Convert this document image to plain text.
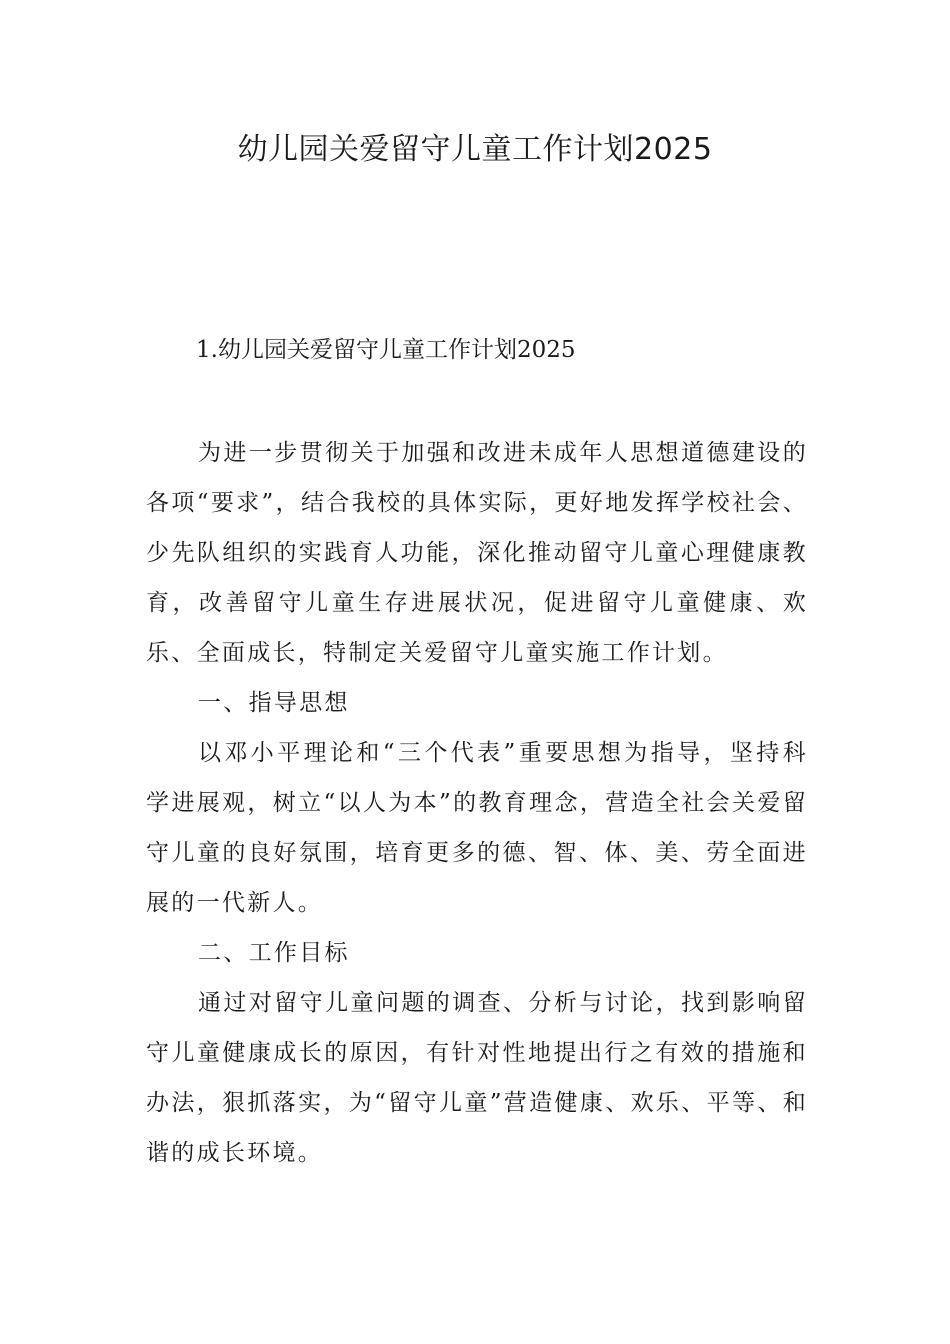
幼儿园关爱留守儿童工作计划2025
1.幼儿园关爱留守儿童工作计划2025

为进一步贯彻关于加强和改进未成年人思想道德建设的各项“要求”，结合我校的具体实际，更好地发挥学校社会、少先队组织的实践育人功能，深化推动留守儿童心理健康教育，改善留守儿童生存进展状况，促进留守儿童健康、欢乐、全面成长，特制定关爱留守儿童实施工作计划。

一、指导思想

以邓小平理论和“三个代表”重要思想为指导，坚持科学进展观，树立“以人为本”的教育理念，营造全社会关爱留守儿童的良好氛围，培育更多的德、智、体、美、劳全面进展的一代新人。

二、工作目标

通过对留守儿童问题的调查、分析与讨论，找到影响留守儿童健康成长的原因，有针对性地提出行之有效的措施和办法，狠抓落实，为“留守儿童”营造健康、欢乐、平等、和谐的成长环境。
